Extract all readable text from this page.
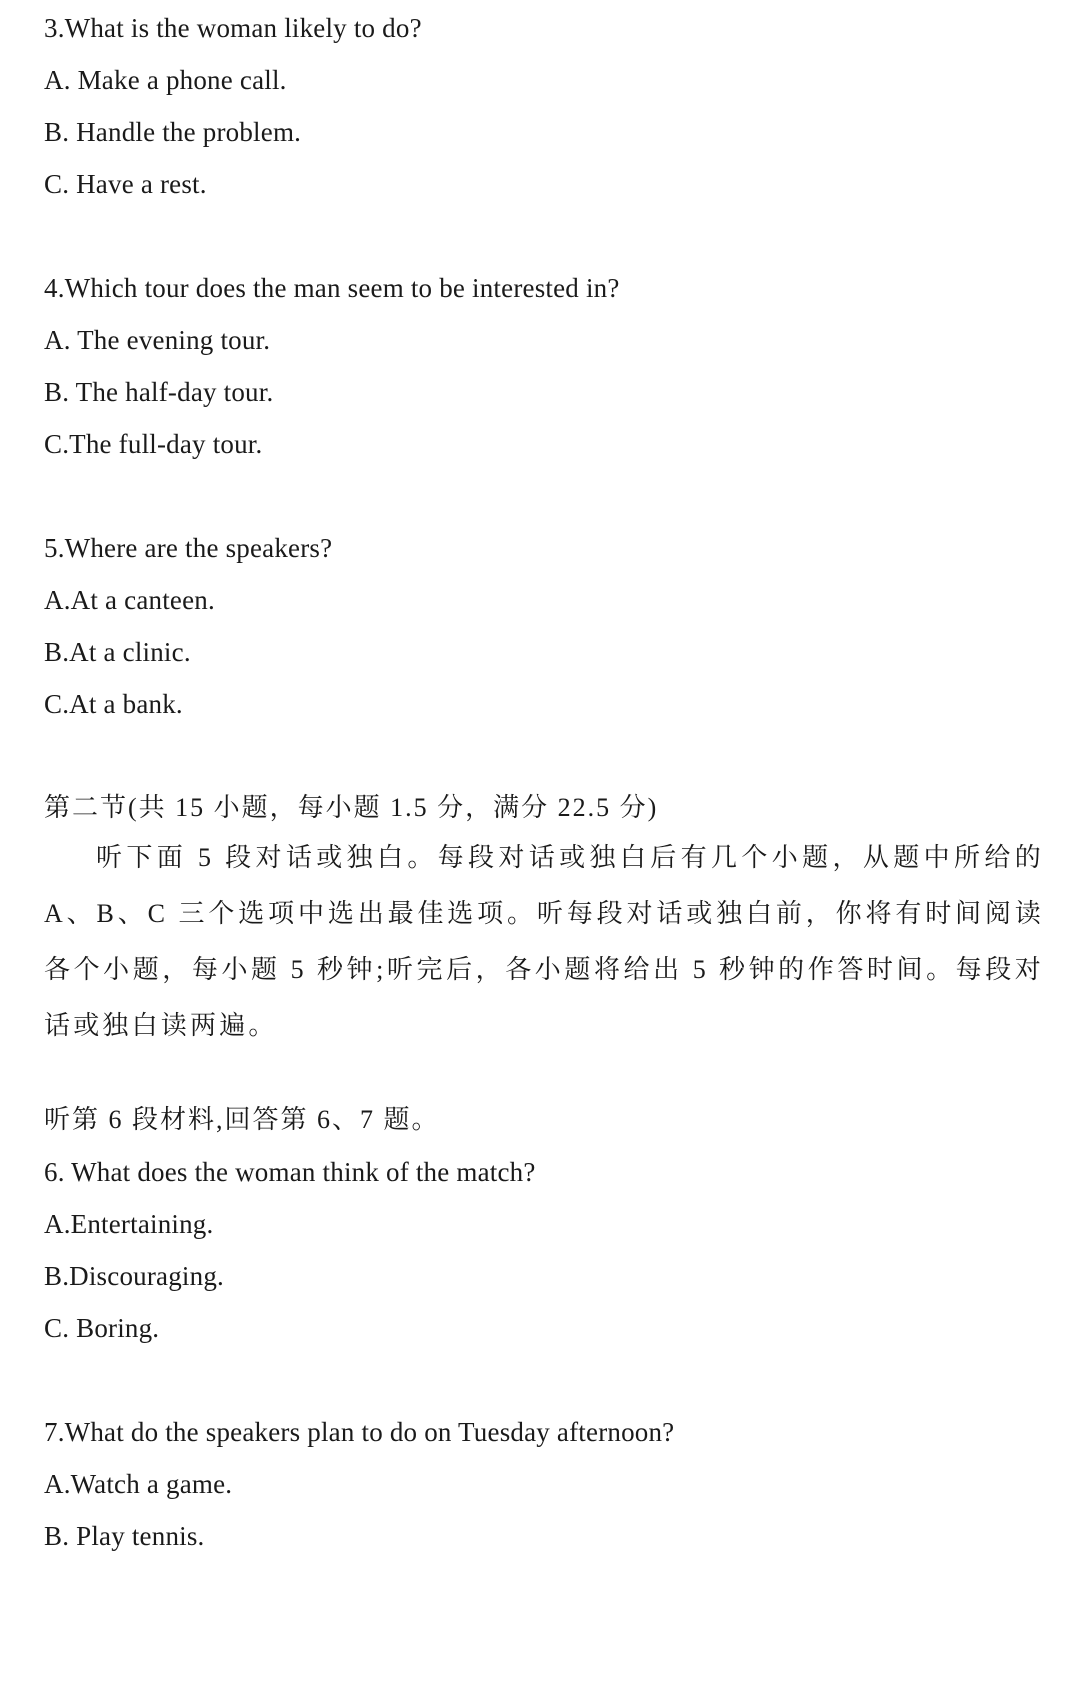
3.What is the woman likely to do?
A. Make a phone call.
B. Handle the problem.
C. Have a rest.
4.Which tour does the man seem to be interested in?
A. The evening tour.
B. The half-day tour.
C.The full-day tour.
5.Where are the speakers?
A.At a canteen.
B.At a clinic.
C.At a bank.
第二节(共 15 小题，每小题 1.5 分，满分 22.5 分)
听下面 5 段对话或独白。每段对话或独白后有几个小题，从题中所给的 A、B、C 三个选项中选出最佳选项。听每段对话或独白前，你将有时间阅读各个小题，每小题 5 秒钟;听完后，各小题将给出 5 秒钟的作答时间。每段对话或独白读两遍。
听第 6 段材料,回答第 6、7 题。
6. What does the woman think of the match?
A.Entertaining.
B.Discouraging.
C. Boring.
7.What do the speakers plan to do on Tuesday afternoon?
A.Watch a game.
B. Play tennis.
